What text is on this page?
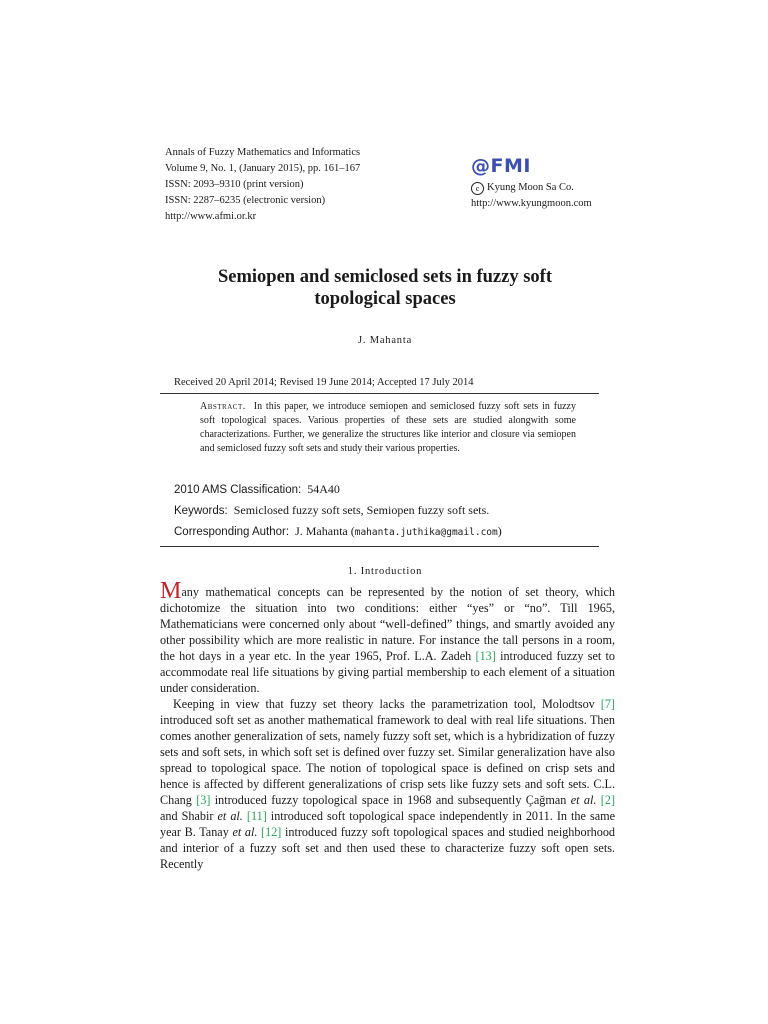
Annals of Fuzzy Mathematics and Informatics
Volume 9, No. 1, (January 2015), pp. 161–167
ISSN: 2093–9310 (print version)
ISSN: 2287–6235 (electronic version)
http://www.afmi.or.kr
@FMI
c Kyung Moon Sa Co.
http://www.kyungmoon.com
Semiopen and semiclosed sets in fuzzy soft
topological spaces
J. Mahanta
Received 20 April 2014; Revised 19 June 2014; Accepted 17 July 2014
Abstract. In this paper, we introduce semiopen and semiclosed fuzzy soft sets in fuzzy soft topological spaces. Various properties of these sets are studied alongwith some characterizations. Further, we generalize the structures like interior and closure via semiopen and semiclosed fuzzy soft sets and study their various properties.
2010 AMS Classification: 54A40
Keywords: Semiclosed fuzzy soft sets, Semiopen fuzzy soft sets.
Corresponding Author: J. Mahanta (mahanta.juthika@gmail.com)
1. Introduction

Many mathematical concepts can be represented by the notion of set theory, which dichotomize the situation into two conditions: either “yes” or “no”. Till 1965, Mathematicians were concerned only about “well-defined” things, and smartly avoided any other possibility which are more realistic in nature. For instance the tall persons in a room, the hot days in a year etc. In the year 1965, Prof. L.A. Zadeh [13] introduced fuzzy set to accommodate real life situations by giving partial membership to each element of a situation under consideration.

Keeping in view that fuzzy set theory lacks the parametrization tool, Molodtsov [7] introduced soft set as another mathematical framework to deal with real life situations. Then comes another generalization of sets, namely fuzzy soft set, which is a hybridization of fuzzy sets and soft sets, in which soft set is defined over fuzzy set. Similar generalization have also spread to topological space. The notion of topological space is defined on crisp sets and hence is affected by different generalizations of crisp sets like fuzzy sets and soft sets. C.L. Chang [3] introduced fuzzy topological space in 1968 and subsequently Çağman et al. [2] and Shabir et al. [11] introduced soft topological space independently in 2011. In the same year B. Tanay et al. [12] introduced fuzzy soft topological spaces and studied neighborhood and interior of a fuzzy soft set and then used these to characterize fuzzy soft open sets. Recently
